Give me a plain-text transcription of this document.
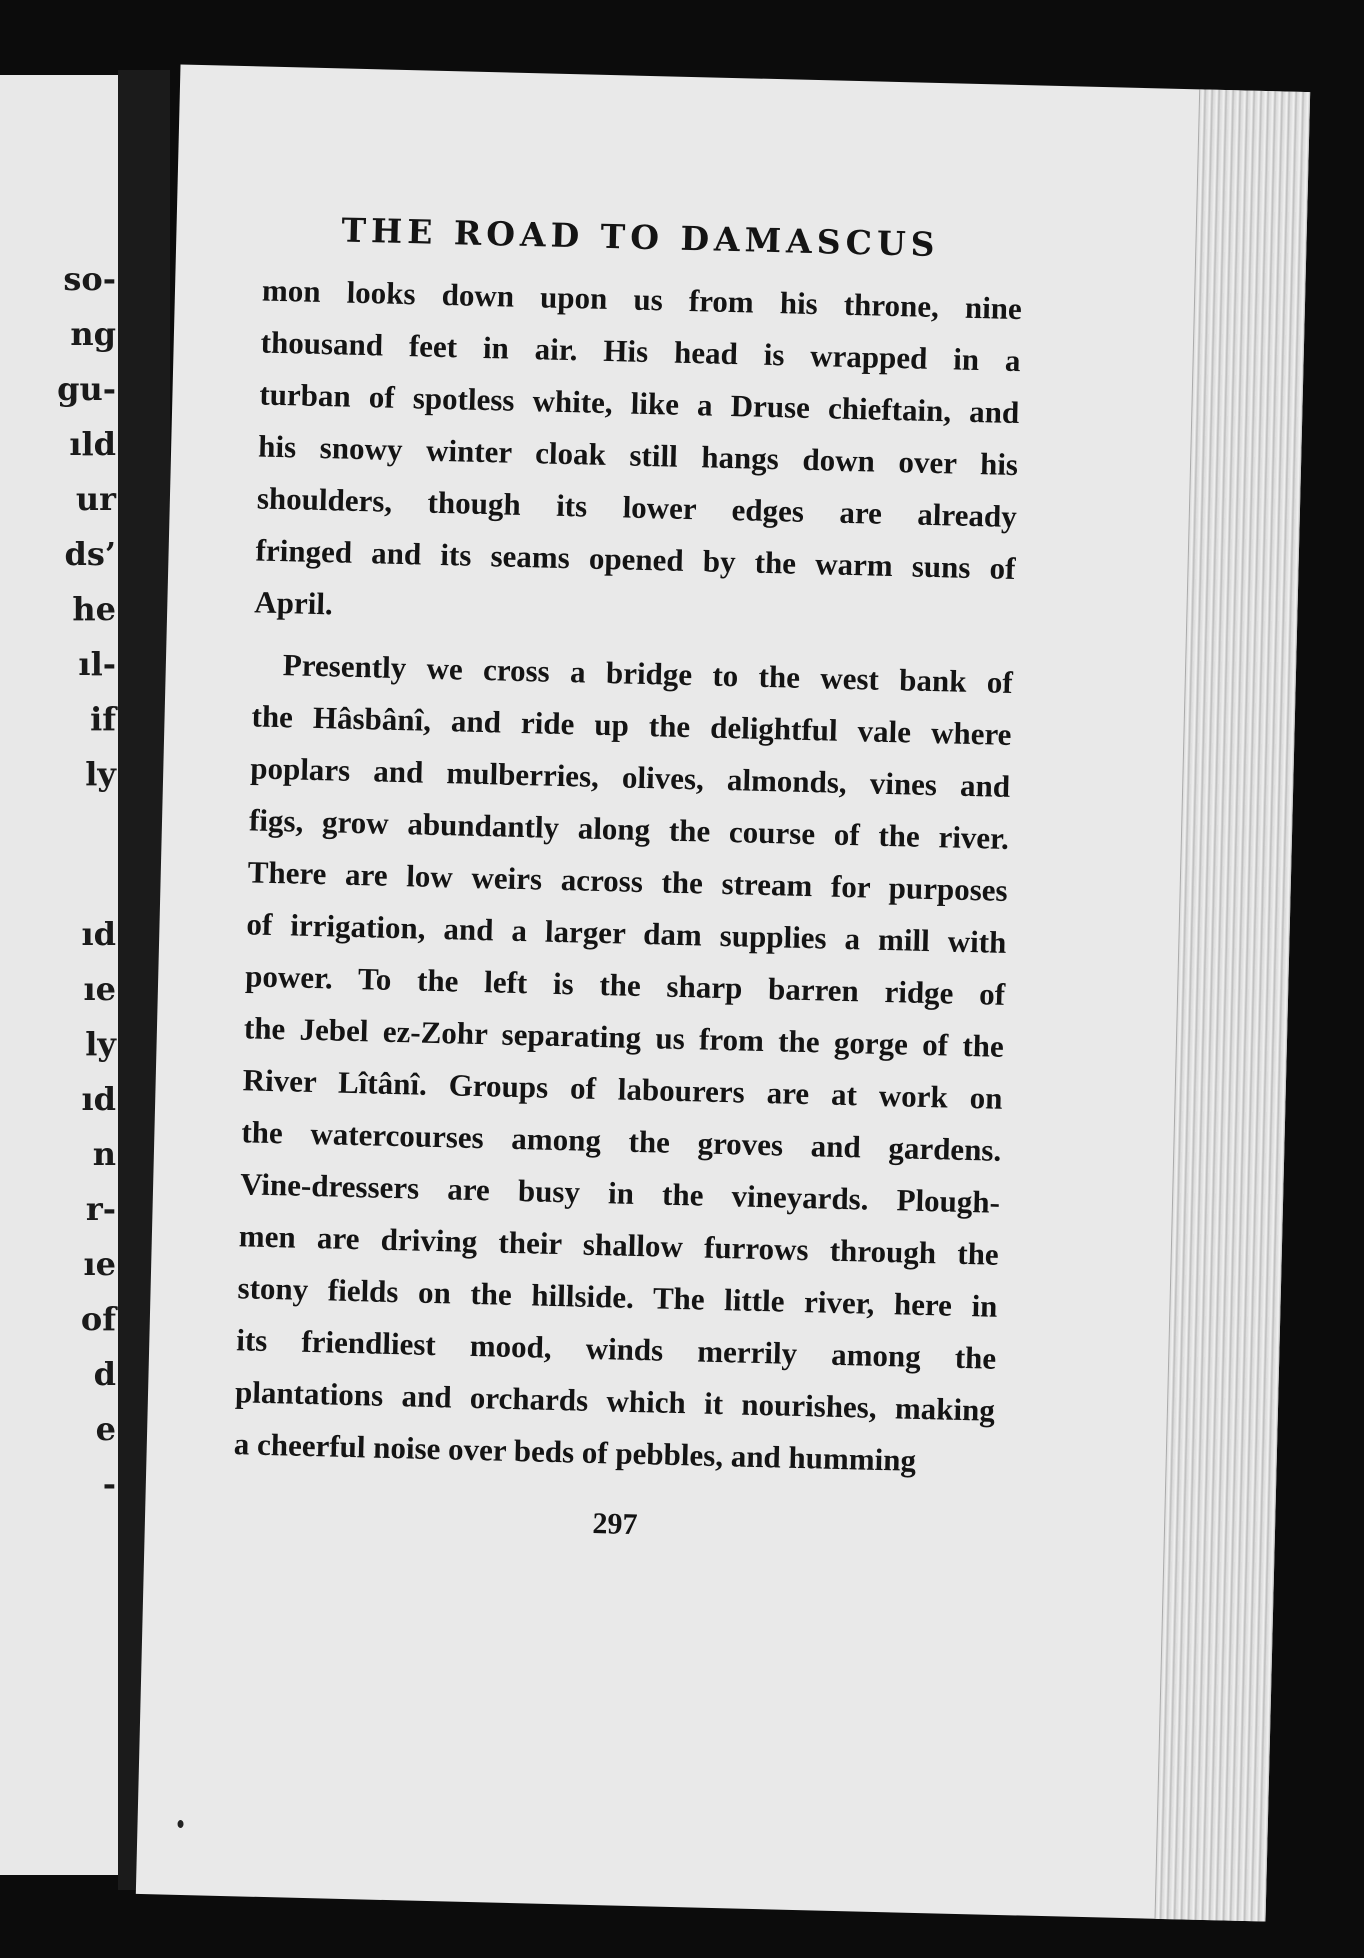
so-
ng
gu-
ıld
ur
ds’
he
ıl-
if
ly
ıd
ıe
ly
ıd
n
r-
ıe
of
d
e
-
THE ROAD TO DAMASCUS
mon looks down upon us from his throne, nine
thousand feet in air. His head is wrapped in a
turban of spotless white, like a Druse chieftain, and
his snowy winter cloak still hangs down over his
shoulders, though its lower edges are already
fringed and its seams opened by the warm suns of
April.
Presently we cross a bridge to the west bank of
the Hâsbânî, and ride up the delightful vale where
poplars and mulberries, olives, almonds, vines and
figs, grow abundantly along the course of the river.
There are low weirs across the stream for purposes
of irrigation, and a larger dam supplies a mill with
power. To the left is the sharp barren ridge of
the Jebel ez-Zohr separating us from the gorge of the
River Lîtânî. Groups of labourers are at work on
the watercourses among the groves and gardens.
Vine-dressers are busy in the vineyards. Plough-
men are driving their shallow furrows through the
stony fields on the hillside. The little river, here in
its friendliest mood, winds merrily among the
plantations and orchards which it nourishes, making
a cheerful noise over beds of pebbles, and humming
297
